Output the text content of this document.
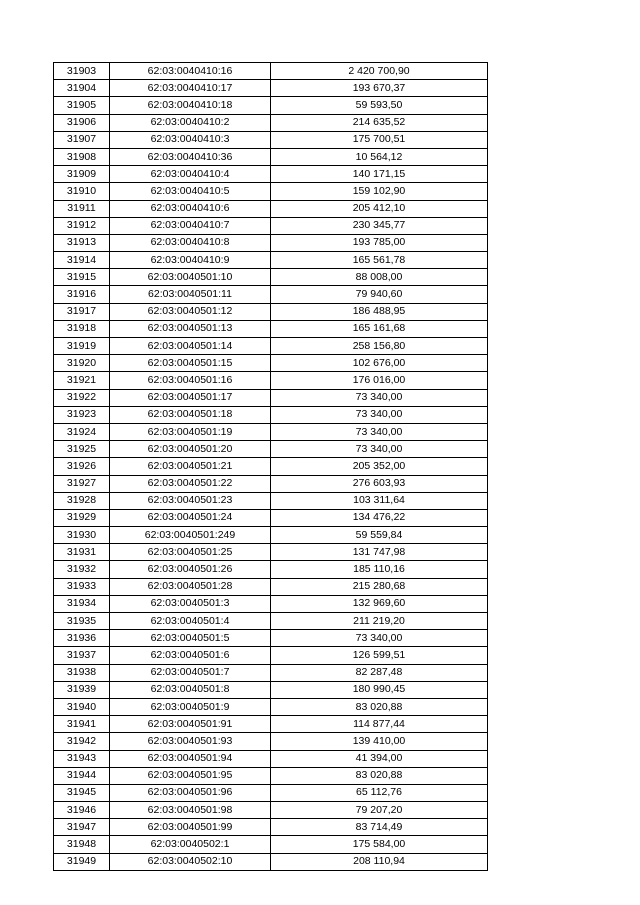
31903	62:03:0040410:16	2 420 700,90
31904	62:03:0040410:17	193 670,37
31905	62:03:0040410:18	59 593,50
31906	62:03:0040410:2	214 635,52
31907	62:03:0040410:3	175 700,51
31908	62:03:0040410:36	10 564,12
31909	62:03:0040410:4	140 171,15
31910	62:03:0040410:5	159 102,90
31911	62:03:0040410:6	205 412,10
31912	62:03:0040410:7	230 345,77
31913	62:03:0040410:8	193 785,00
31914	62:03:0040410:9	165 561,78
31915	62:03:0040501:10	88 008,00
31916	62:03:0040501:11	79 940,60
31917	62:03:0040501:12	186 488,95
31918	62:03:0040501:13	165 161,68
31919	62:03:0040501:14	258 156,80
31920	62:03:0040501:15	102 676,00
31921	62:03:0040501:16	176 016,00
31922	62:03:0040501:17	73 340,00
31923	62:03:0040501:18	73 340,00
31924	62:03:0040501:19	73 340,00
31925	62:03:0040501:20	73 340,00
31926	62:03:0040501:21	205 352,00
31927	62:03:0040501:22	276 603,93
31928	62:03:0040501:23	103 311,64
31929	62:03:0040501:24	134 476,22
31930	62:03:0040501:249	59 559,84
31931	62:03:0040501:25	131 747,98
31932	62:03:0040501:26	185 110,16
31933	62:03:0040501:28	215 280,68
31934	62:03:0040501:3	132 969,60
31935	62:03:0040501:4	211 219,20
31936	62:03:0040501:5	73 340,00
31937	62:03:0040501:6	126 599,51
31938	62:03:0040501:7	82 287,48
31939	62:03:0040501:8	180 990,45
31940	62:03:0040501:9	83 020,88
31941	62:03:0040501:91	114 877,44
31942	62:03:0040501:93	139 410,00
31943	62:03:0040501:94	41 394,00
31944	62:03:0040501:95	83 020,88
31945	62:03:0040501:96	65 112,76
31946	62:03:0040501:98	79 207,20
31947	62:03:0040501:99	83 714,49
31948	62:03:0040502:1	175 584,00
31949	62:03:0040502:10	208 110,94
